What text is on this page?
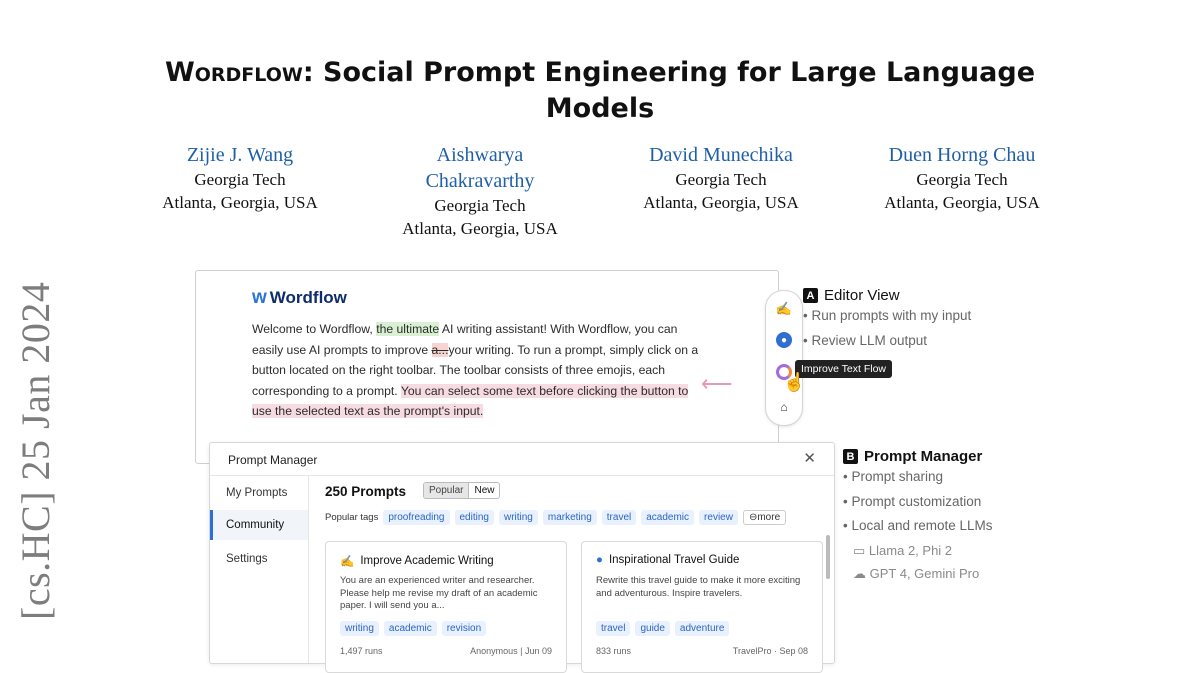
Wordflow: Social Prompt Engineering for Large Language
Models
Zijie J. Wang
Georgia Tech
Atlanta, Georgia, USA
Aishwarya
Chakravarthy
Georgia Tech
Atlanta, Georgia, USA
David Munechika
Georgia Tech
Atlanta, Georgia, USA
Duen Horng Chau
Georgia Tech
Atlanta, Georgia, USA
[cs.HC] 25 Jan 2024	w Wordflow
Welcome to Wordflow, the ultimate AI writing assistant! With Wordflow, you can easily use AI prompts to improve a...your writing. To run a prompt, simply click on a button located on the right toolbar. The toolbar consists of three emojis, each corresponding to a prompt. You can select some text before clicking the button to use the selected text as the prompt's input.
⟵
✍
●
⌂
Improve Text Flow
☝
A Editor View
• Run prompts with my input
• Review LLM output
B Prompt Manager
• Prompt sharing
• Prompt customization
• Local and remote LLMs
▭ Llama 2, Phi 2
☁ GPT 4, Gemini Pro
Prompt Manager	✕
My Prompts
Community
Settings
250 Prompts	Popular	New
Popular tags	proofreading	editing	writing	marketing	travel	academic	review	⊖more
✍ Improve Academic Writing
You are an experienced writer and researcher. Please help me revise my draft of an academic paper. I will send you a...
writing	academic	revision
1,497 runs	Anonymous | Jun 09
● Inspirational Travel Guide
Rewrite this travel guide to make it more exciting and adventurous. Inspire travelers.
travel	guide	adventure
833 runs	TravelPro · Sep 08
